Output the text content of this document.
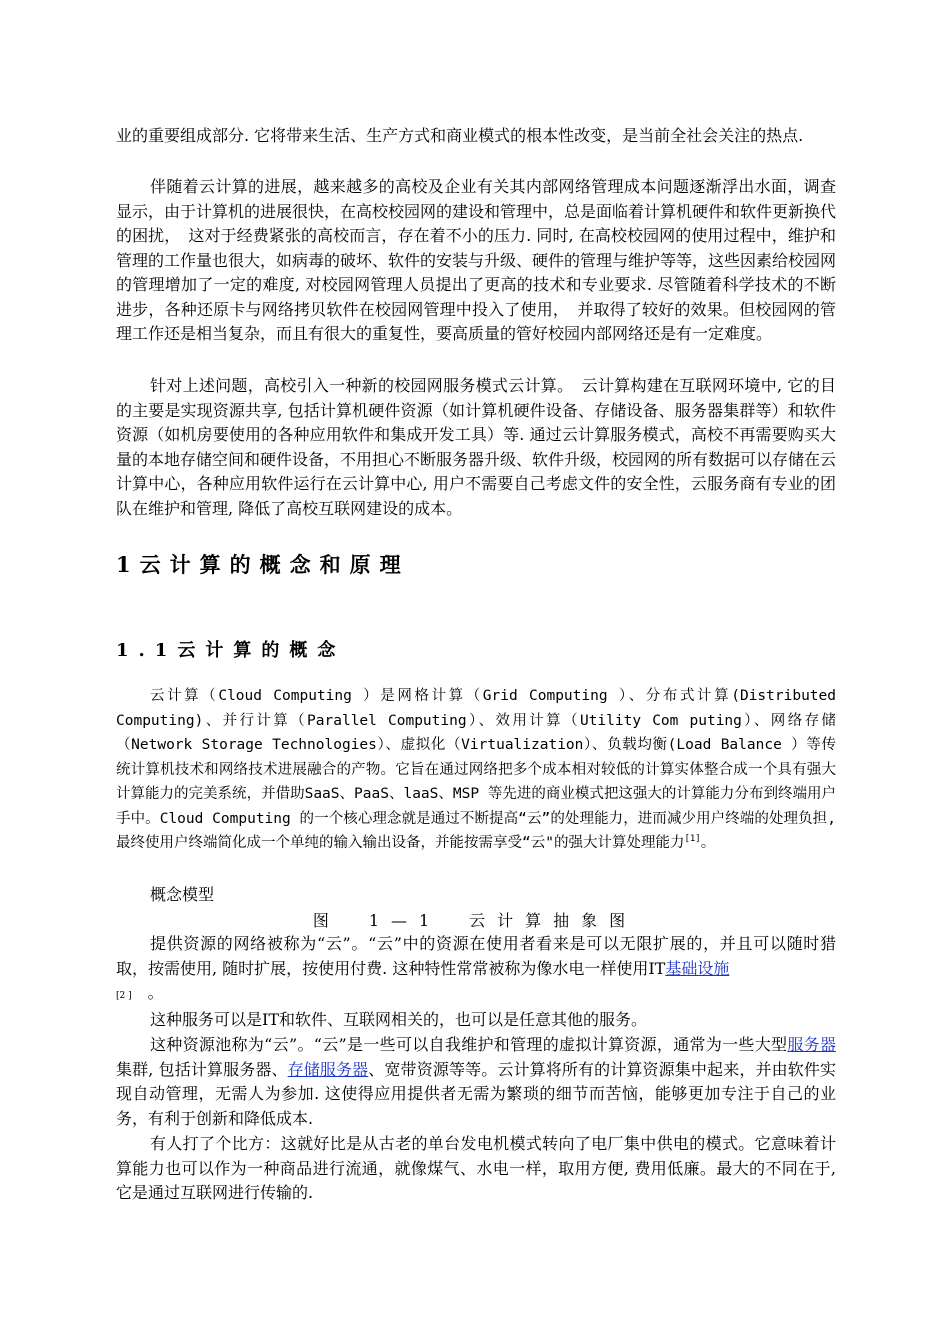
业的重要组成部分. 它将带来生活、生产方式和商业模式的根本性改变，是当前全社会关注的热点.

伴随着云计算的进展，越来越多的高校及企业有关其内部网络管理成本问题逐渐浮出水面，调查显示，由于计算机的进展很快，在高校校园网的建设和管理中，总是面临着计算机硬件和软件更新换代的困扰，　这对于经费紧张的高校而言，存在着不小的压力. 同时, 在高校校园网的使用过程中，维护和管理的工作量也很大，如病毒的破坏、软件的安装与升级、硬件的管理与维护等等，这些因素给校园网的管理增加了一定的难度, 对校园网管理人员提出了更高的技术和专业要求. 尽管随着科学技术的不断进步，各种还原卡与网络拷贝软件在校园网管理中投入了使用，　并取得了较好的效果。但校园网的管理工作还是相当复杂，而且有很大的重复性，要高质量的管好校园内部网络还是有一定难度。

针对上述问题，高校引入一种新的校园网服务模式云计算。　云计算构建在互联网环境中, 它的目的主要是实现资源共享, 包括计算机硬件资源（如计算机硬件设备、存储设备、服务器集群等）和软件资源（如机房要使用的各种应用软件和集成开发工具）等. 通过云计算服务模式，高校不再需要购买大量的本地存储空间和硬件设备，不用担心不断服务器升级、软件升级，校园网的所有数据可以存储在云计算中心，各种应用软件运行在云计算中心, 用户不需要自己考虑文件的安全性，云服务商有专业的团队在维护和管理, 降低了高校互联网建设的成本。

1云计算的概念和原理
1.1云计算的概念

云计算（Cloud Computing ）是网格计算（Grid Computing ）、分布式计算(Distributed Computing)、并行计算（Parallel Computing）、效用计算（Utility Com puting）、网络存储（Network Storage Technologies）、虚拟化（Virtualization）、负载均衡(Load Balance ）等传统计算机技术和网络技术进展融合的产物。它旨在通过网络把多个成本相对较低的计算实体整合成一个具有强大计算能力的完美系统，并借助SaaS、PaaS、laaS、MSP 等先进的商业模式把这强大的计算能力分布到终端用户手中。Cloud Computing 的一个核心理念就是通过不断提高“云”的处理能力，进而减少用户终端的处理负担, 最终使用户终端简化成一个单纯的输入输出设备，并能按需享受“云"的强大计算处理能力[1]。

概念模型

图　1—1　云计算抽象图

提供资源的网络被称为“云”。“云”中的资源在使用者看来是可以无限扩展的，并且可以随时猎取，按需使用, 随时扩展，按使用付费. 这种特性常常被称为像水电一样使用IT基础设施
[2 ]　 。

这种服务可以是IT和软件、互联网相关的，也可以是任意其他的服务。

这种资源池称为“云”。“云”是一些可以自我维护和管理的虚拟计算资源，通常为一些大型服务器集群, 包括计算服务器、存储服务器、宽带资源等等。云计算将所有的计算资源集中起来，并由软件实现自动管理，无需人为参加. 这使得应用提供者无需为繁琐的细节而苦恼，能够更加专注于自己的业务，有利于创新和降低成本.

有人打了个比方：这就好比是从古老的单台发电机模式转向了电厂集中供电的模式。它意味着计算能力也可以作为一种商品进行流通，就像煤气、水电一样，取用方便, 费用低廉。最大的不同在于, 它是通过互联网进行传输的.
